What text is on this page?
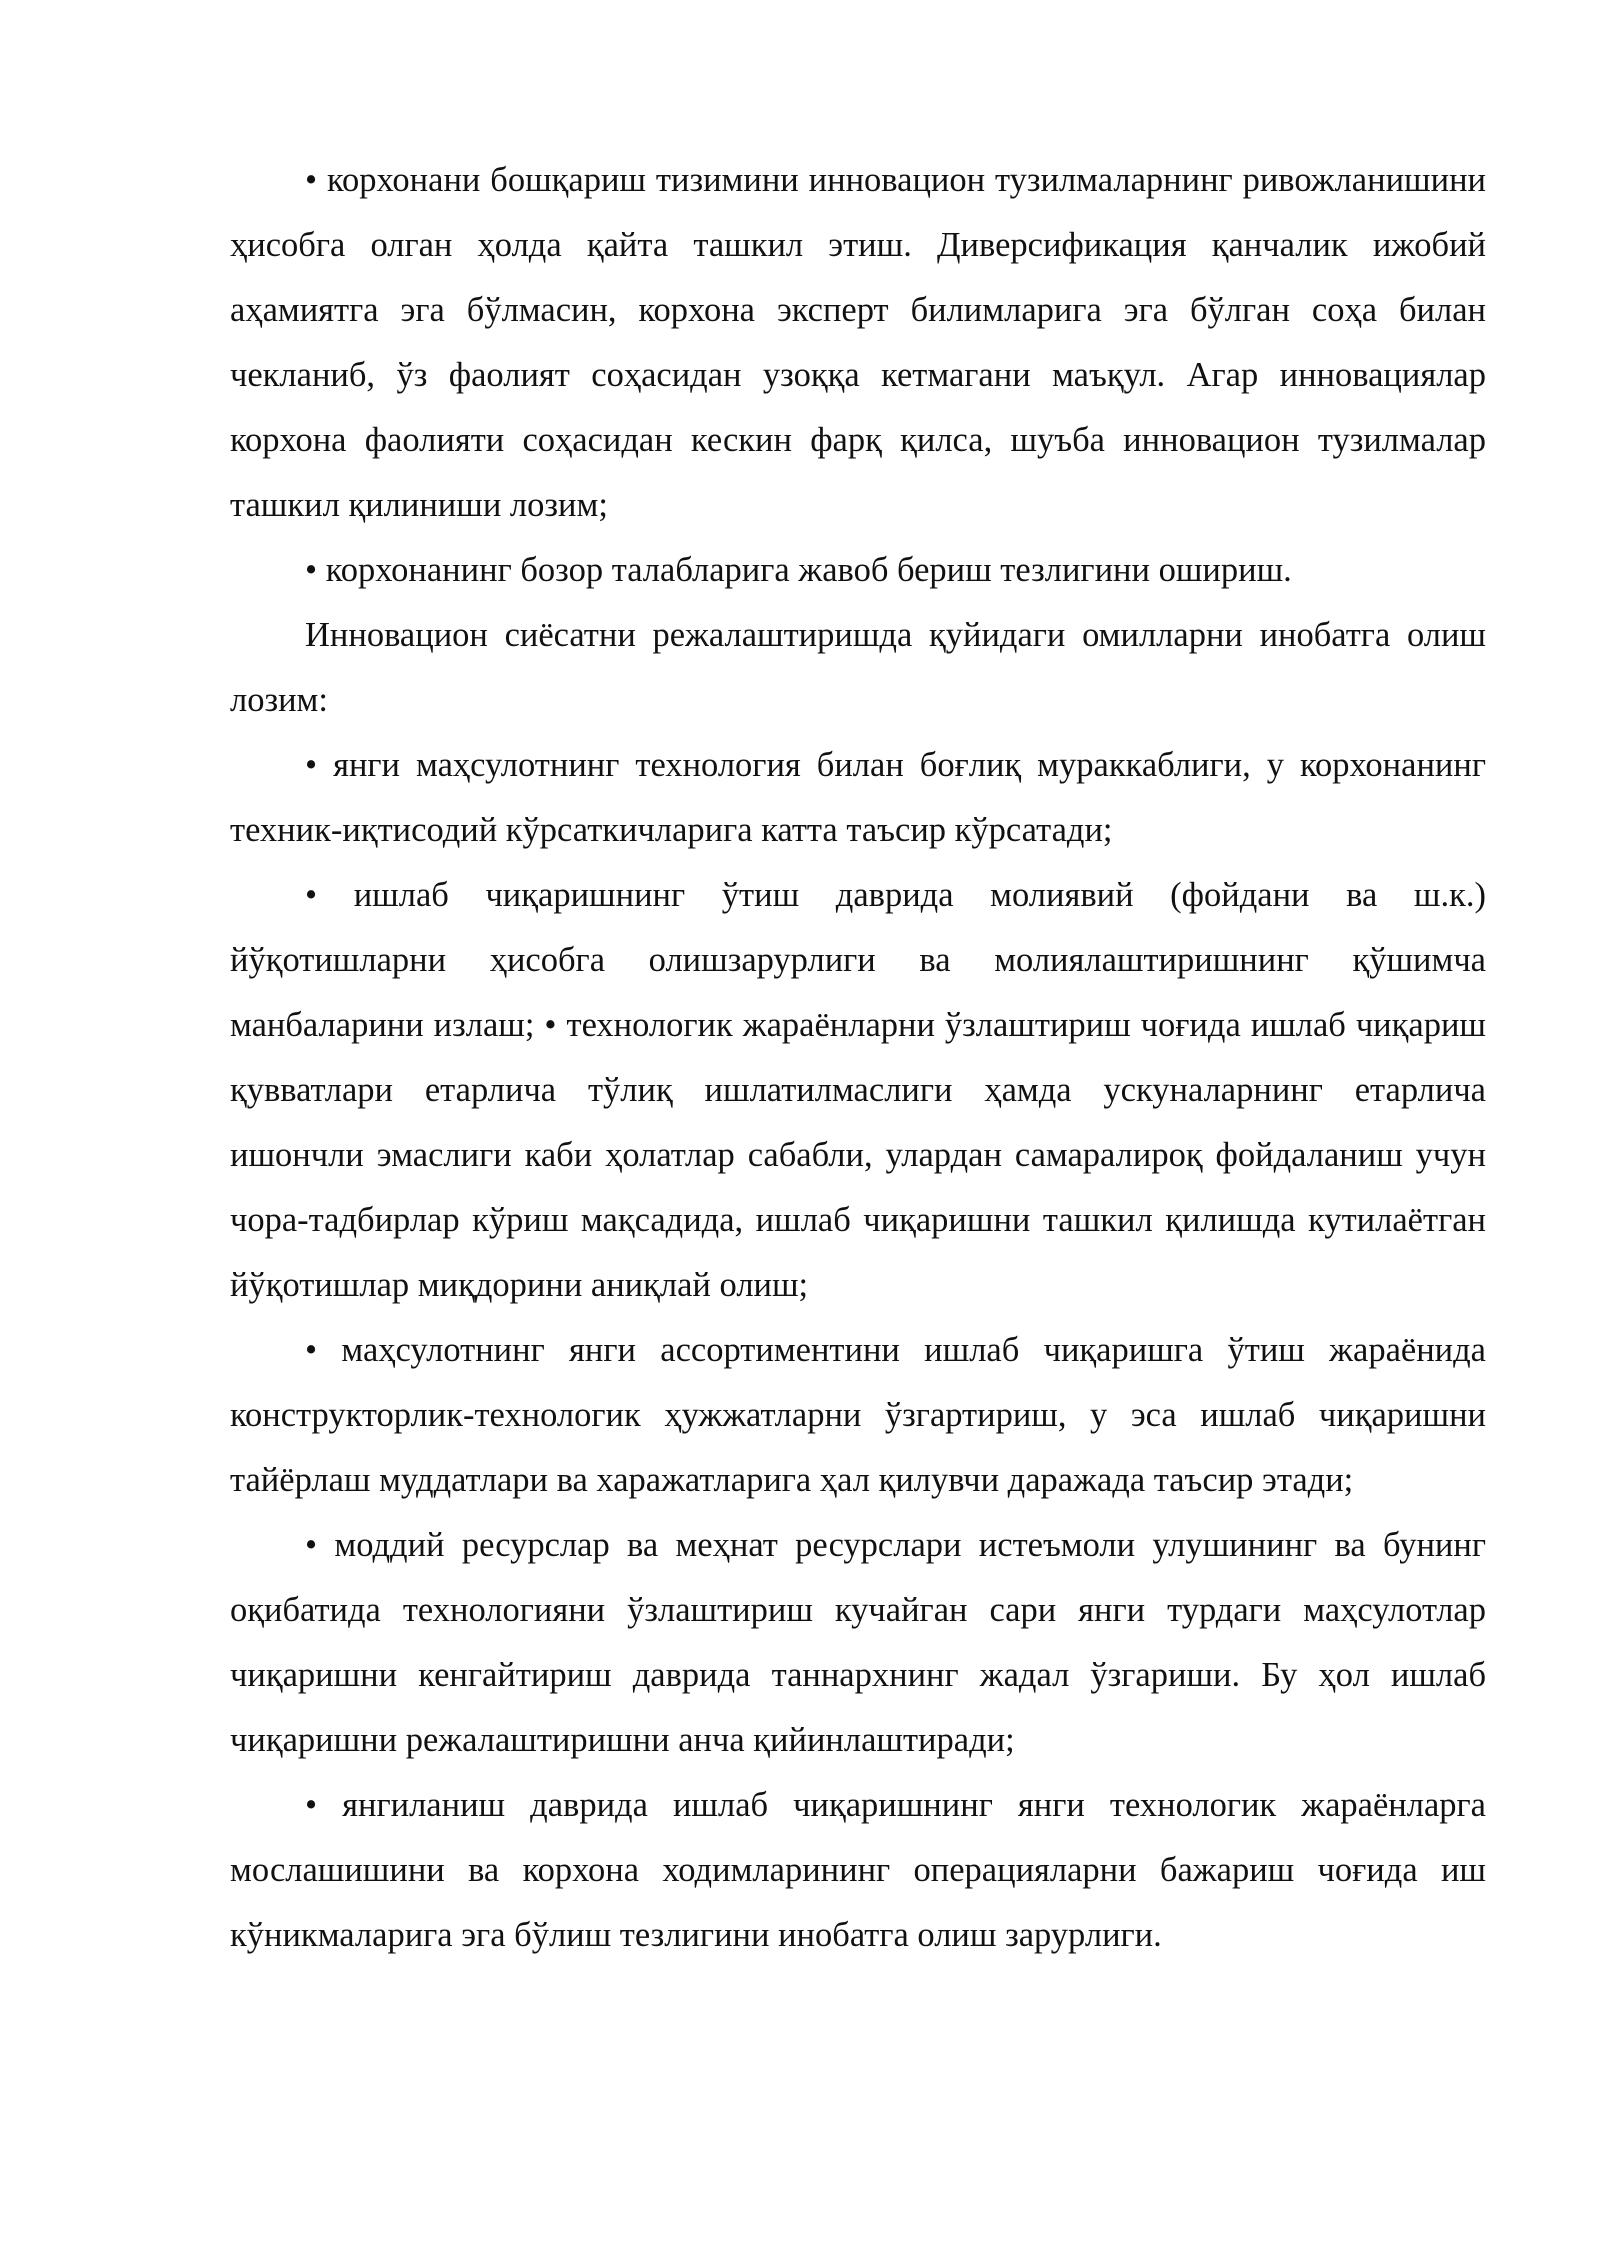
• корхонани бошқариш тизимини инновацион тузилмаларнинг ривожланишини ҳисобга олган ҳолда қайта ташкил этиш. Диверсификация қанчалик ижобий аҳамиятга эга бўлмасин, корхона эксперт билимларига эга бўлган соҳа билан чекланиб, ўз фаолият соҳасидан узоққа кетмагани маъқул. Агар инновациялар корхона фаолияти соҳасидан кескин фарқ қилса, шуъба инновацион тузилмалар ташкил қилиниши лозим;

• корхонанинг бозор талабларига жавоб бериш тезлигини ошириш.

Инновацион сиёсатни режалаштиришда қуйидаги омилларни инобатга олиш лозим:

• янги маҳсулотнинг технология билан боғлиқ мураккаблиги, у корхонанинг техник-иқтисодий кўрсаткичларига катта таъсир кўрсатади;

• ишлаб чиқаришнинг ўтиш даврида молиявий (фойдани ва ш.к.) йўқотишларни ҳисобга олишзарурлиги ва молиялаштиришнинг қўшимча манбаларини излаш; • технологик жараёнларни ўзлаштириш чоғида ишлаб чиқариш қувватлари етарлича тўлиқ ишлатилмаслиги ҳамда ускуналарнинг етарлича ишончли эмаслиги каби ҳолатлар сабабли, улардан самаралироқ фойдаланиш учун чора-тадбирлар кўриш мақсадида, ишлаб чиқаришни ташкил қилишда кутилаётган йўқотишлар миқдорини аниқлай олиш;

• маҳсулотнинг янги ассортиментини ишлаб чиқаришга ўтиш жараёнида конструкторлик-технологик ҳужжатларни ўзгартириш, у эса ишлаб чиқаришни тайёрлаш муддатлари ва харажатларига ҳал қилувчи даражада таъсир этади;

• моддий ресурслар ва меҳнат ресурслари истеъмоли улушининг ва бунинг оқибатида технологияни ўзлаштириш кучайган сари янги турдаги маҳсулотлар чиқаришни кенгайтириш даврида таннархнинг жадал ўзгариши. Бу ҳол ишлаб чиқаришни режалаштиришни анча қийинлаштиради;

• янгиланиш даврида ишлаб чиқаришнинг янги технологик жараёнларга мослашишини ва корхона ходимларининг операцияларни бажариш чоғида иш кўникмаларига эга бўлиш тезлигини инобатга олиш зарурлиги.
